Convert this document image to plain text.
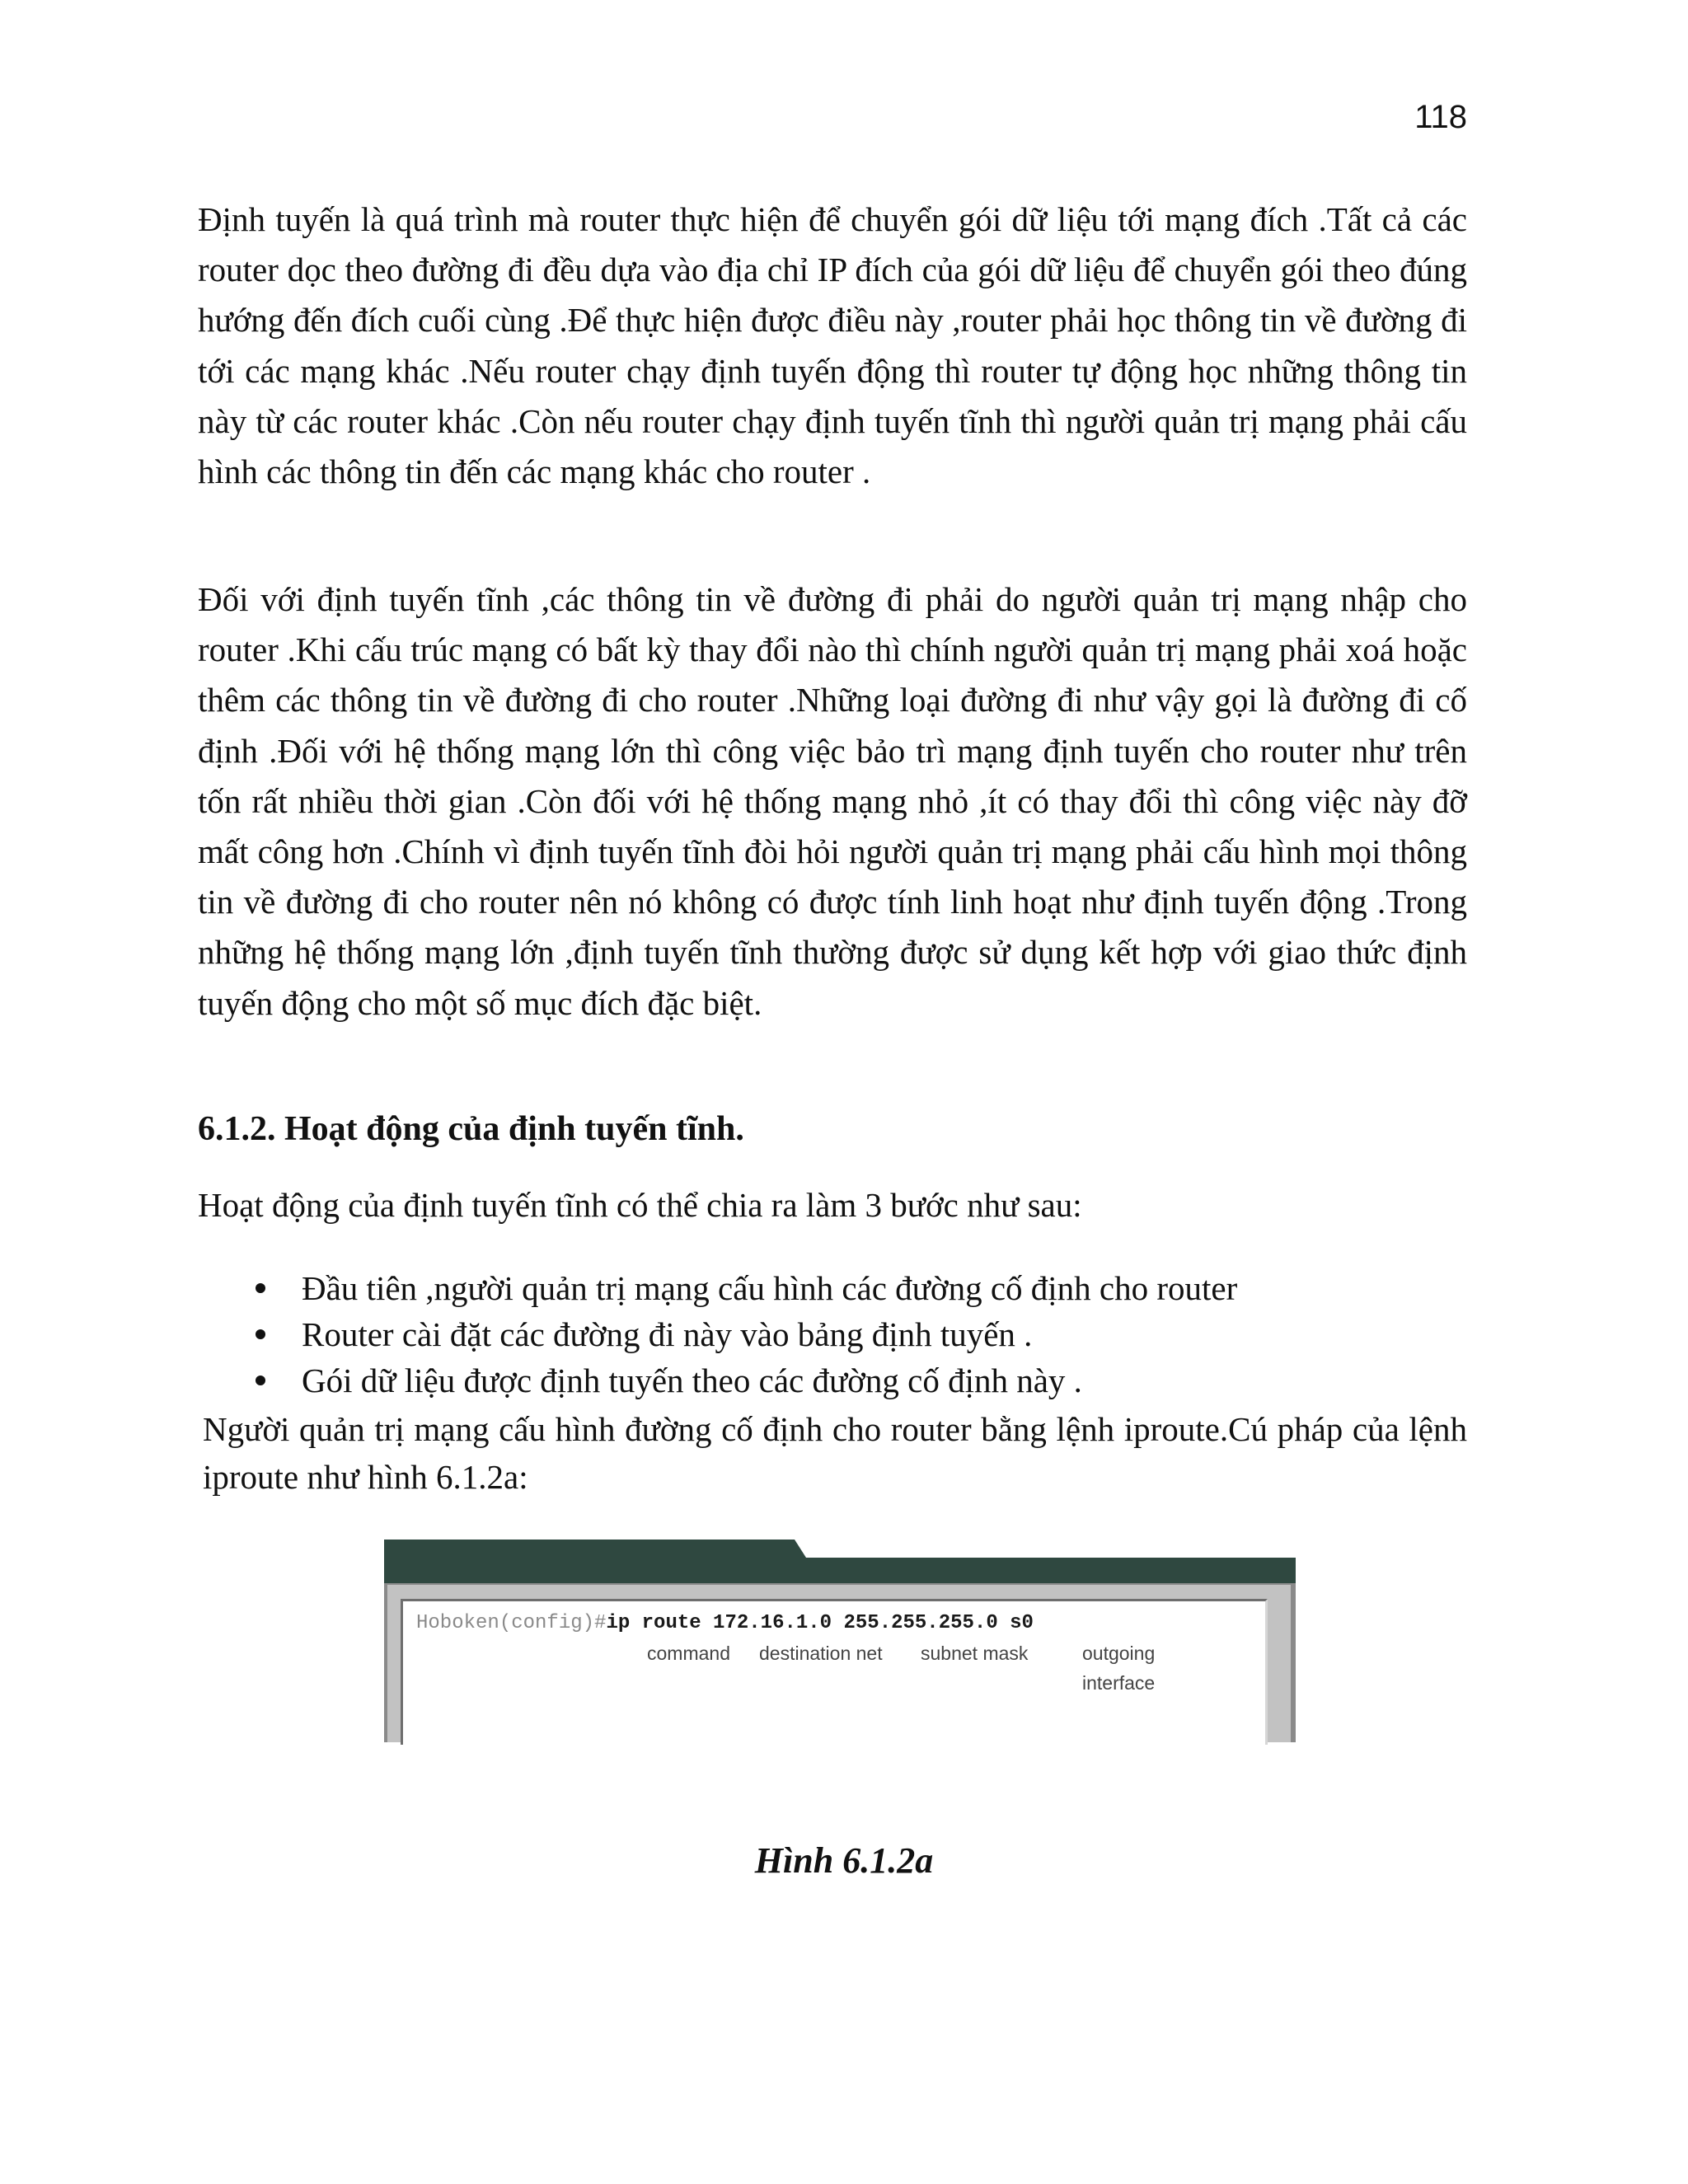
118

Định tuyến là quá trình mà router thực hiện để chuyển gói dữ liệu tới mạng đích .Tất cả các router dọc theo đường đi đều dựa vào địa chỉ IP đích của gói dữ liệu để chuyển gói theo đúng hướng đến đích cuối cùng .Để thực hiện được điều này ,router phải học thông tin về đường đi tới các mạng khác .Nếu router chạy định tuyến động thì router tự động học những thông tin này từ các router khác .Còn nếu router chạy định tuyến tĩnh thì người quản trị mạng phải cấu hình các thông tin đến các mạng khác cho router .

Đối với định tuyến tĩnh ,các thông tin về đường đi phải do người quản trị mạng nhập cho router .Khi cấu trúc mạng có bất kỳ thay đổi nào thì chính người quản trị mạng phải xoá hoặc thêm các thông tin về đường đi cho router .Những loại đường đi như vậy gọi là đường đi cố định .Đối với hệ thống mạng lớn thì công việc bảo trì mạng định tuyến cho router như trên tốn rất nhiều thời gian .Còn đối với hệ thống mạng nhỏ ,ít có thay đổi thì công việc này đỡ mất công hơn .Chính vì định tuyến tĩnh đòi hỏi người quản trị mạng phải cấu hình mọi thông tin về đường đi cho router nên nó không có được tính linh hoạt như định tuyến động .Trong những hệ thống mạng lớn ,định tuyến tĩnh thường được sử dụng kết hợp với giao thức định tuyến động cho một số mục đích đặc biệt.

6.1.2. Hoạt động của định tuyến tĩnh.

Hoạt động của định tuyến tĩnh có thể chia ra làm 3 bước như sau:

Đầu tiên ,người quản trị mạng cấu hình các đường cố định cho router
Router cài đặt các đường đi này vào bảng định tuyến .
Gói dữ liệu được định tuyến theo các đường cố định này .

Người quản trị mạng cấu hình đường cố định cho router bằng lệnh iproute.Cú pháp của lệnh iproute như hình 6.1.2a:

Hoboken(config)#ip route 172.16.1.0 255.255.255.0 s0
command destination net subnet mask	outgoing
interface

Hình 6.1.2a
